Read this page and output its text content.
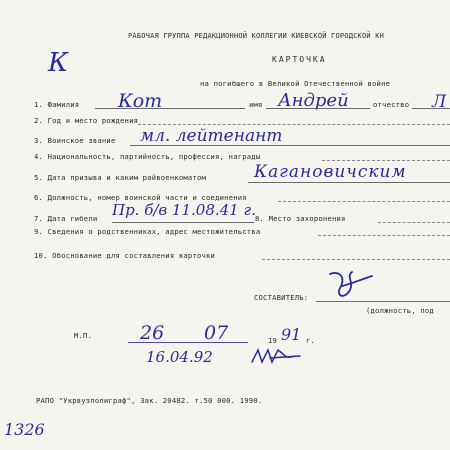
РАБОЧАЯ ГРУППА РЕДАКЦИОННОЙ КОЛЛЕГИИ КИЕВСКОЙ ГОРОДСКОЙ КН
КАРТОЧКА
К
на погибшего в Великой Отечественной войне
1. Фамилия Кот	имя Андрей	отчество Л
2. Год и место рождения
3. Воинское звание мл. лейтенант
4. Национальность, партийность, профессия, награды
5. Дата призыва и каким райвоенкоматом	Кагановичским
6. Должность, номер воинской части и соединения
7. Дата гибели Пр. б/в 11.08.41 г. 8. Место захоронения
9. Сведения о родственниках, адрес местожительства
10. Обоснование для составления карточки
СОСТАВИТЕЛЬ:
(должность, под
М.П.	26 07	19 91 г.
16.04.92
РАПО "Укрвузполиграф", Зак. 20482. т.50 000. 1990.
1326
